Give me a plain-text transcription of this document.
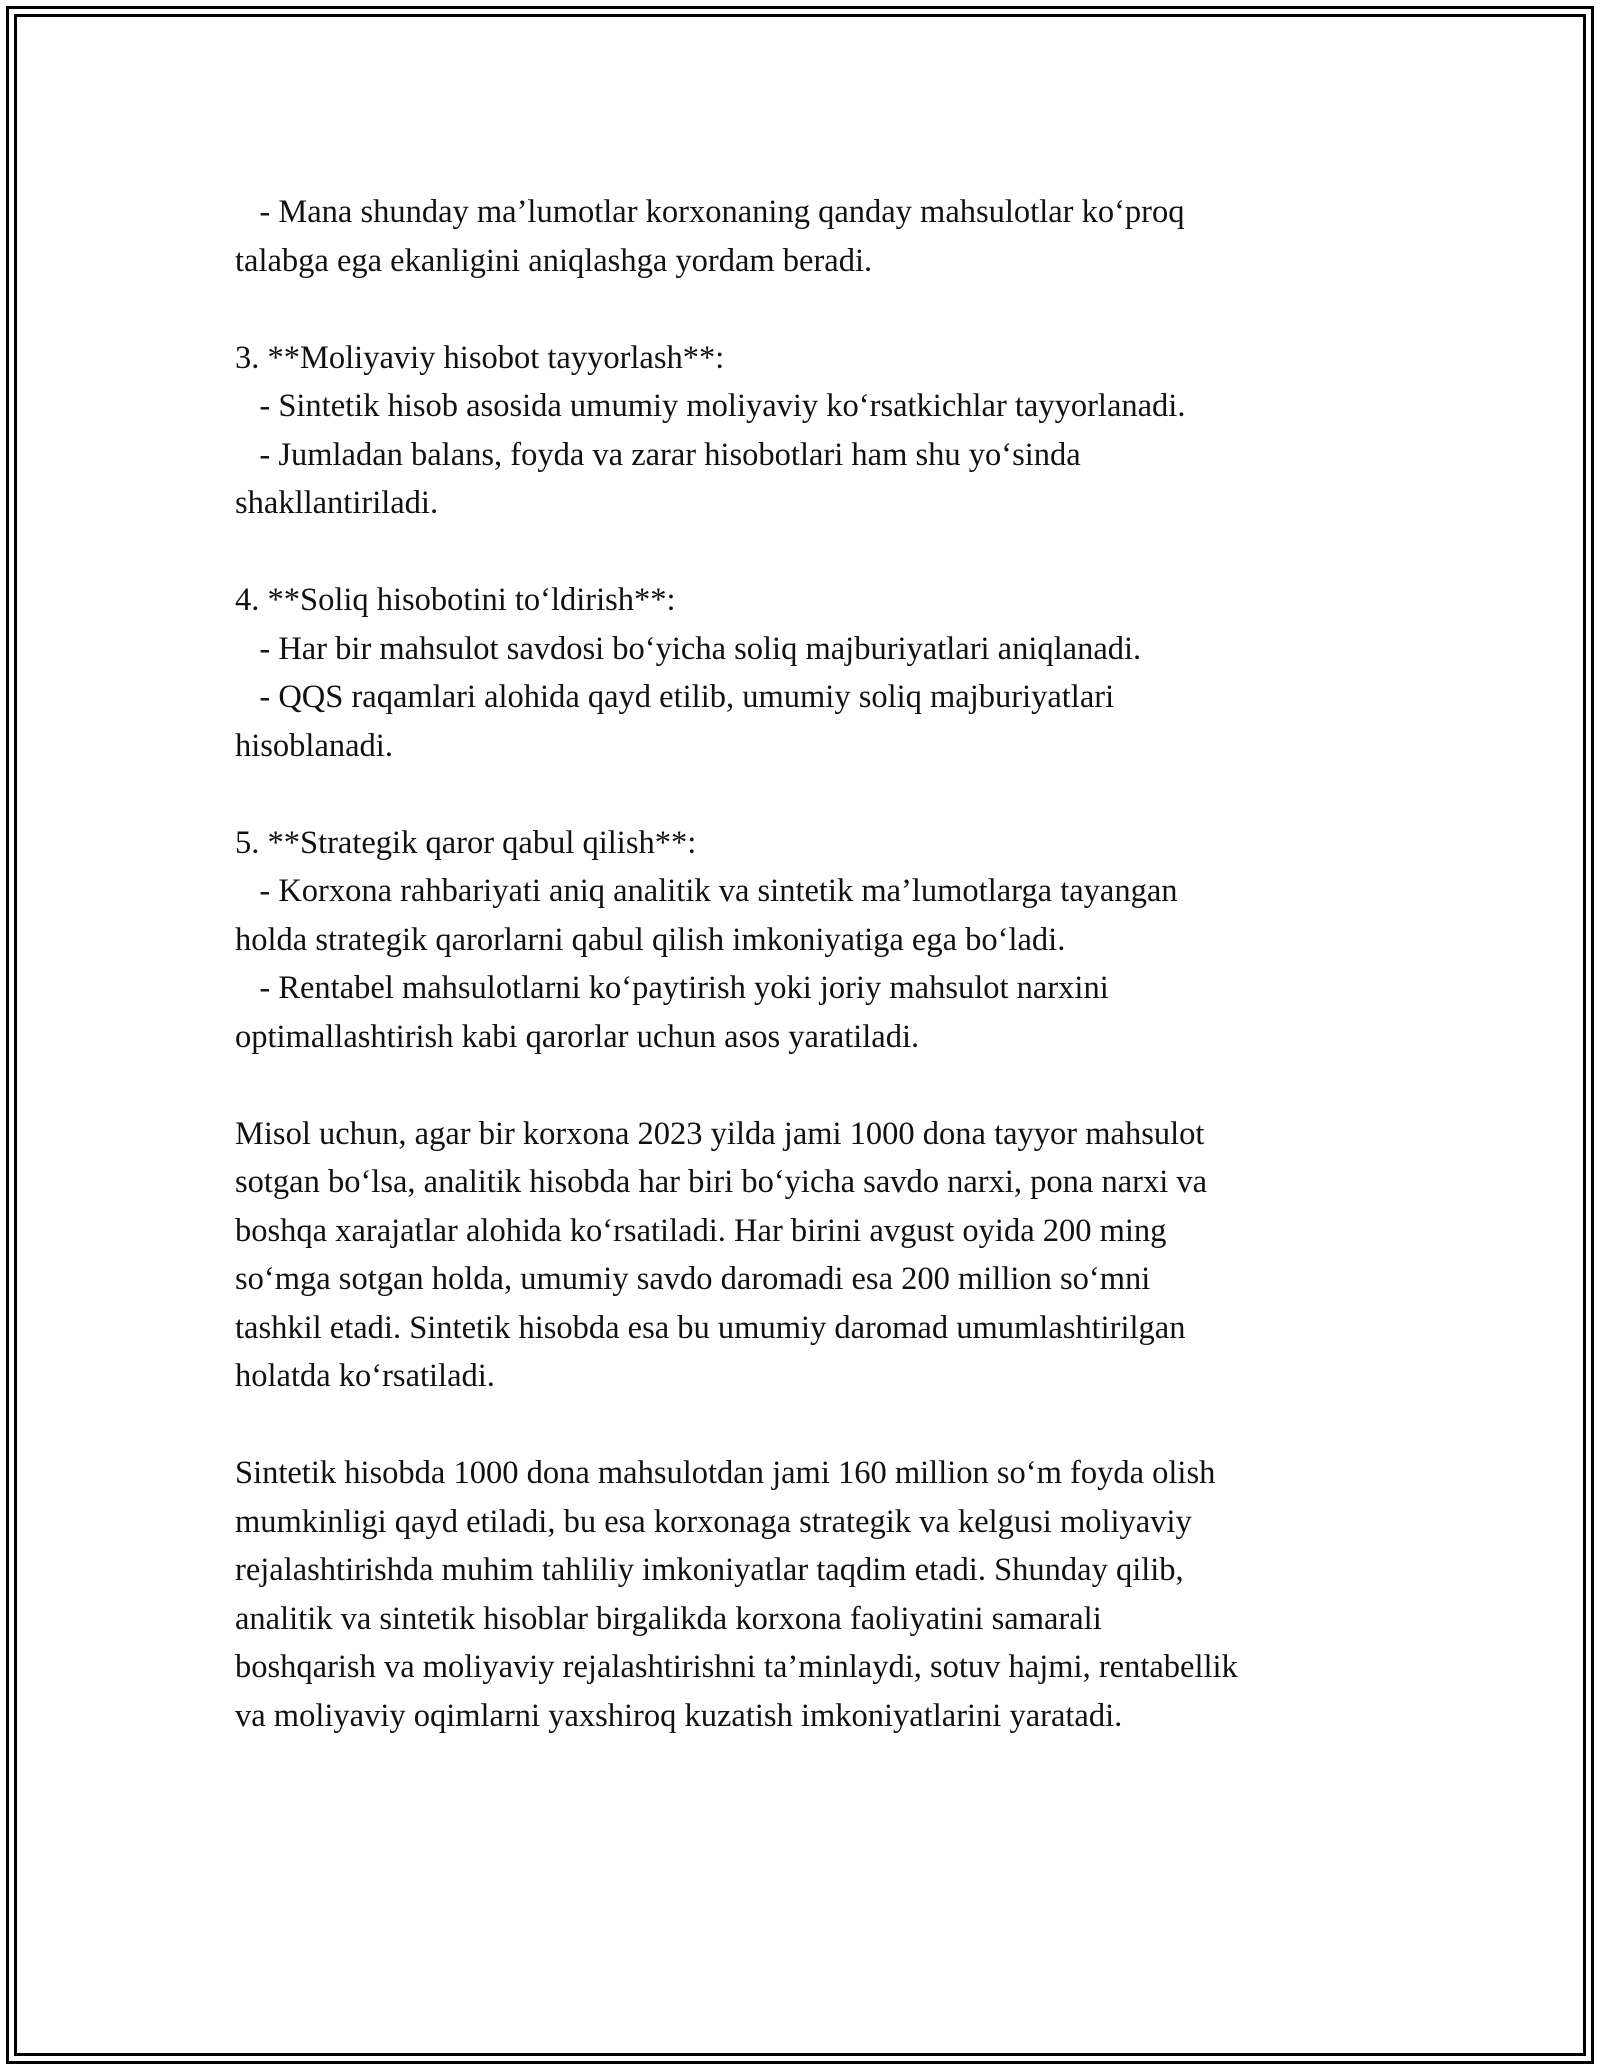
- Mana shunday ma’lumotlar korxonaning qanday mahsulotlar ko‘proq
talabga ega ekanligini aniqlashga yordam beradi.
3. **Moliyaviy hisobot tayyorlash**:
- Sintetik hisob asosida umumiy moliyaviy ko‘rsatkichlar tayyorlanadi.
- Jumladan balans, foyda va zarar hisobotlari ham shu yo‘sinda
shakllantiriladi.
4. **Soliq hisobotini to‘ldirish**:
- Har bir mahsulot savdosi bo‘yicha soliq majburiyatlari aniqlanadi.
- QQS raqamlari alohida qayd etilib, umumiy soliq majburiyatlari
hisoblanadi.
5. **Strategik qaror qabul qilish**:
- Korxona rahbariyati aniq analitik va sintetik ma’lumotlarga tayangan
holda strategik qarorlarni qabul qilish imkoniyatiga ega bo‘ladi.
- Rentabel mahsulotlarni ko‘paytirish yoki joriy mahsulot narxini
optimallashtirish kabi qarorlar uchun asos yaratiladi.
Misol uchun, agar bir korxona 2023 yilda jami 1000 dona tayyor mahsulot
sotgan bo‘lsa, analitik hisobda har biri bo‘yicha savdo narxi, pona narxi va
boshqa xarajatlar alohida ko‘rsatiladi. Har birini avgust oyida 200 ming
so‘mga sotgan holda, umumiy savdo daromadi esa 200 million so‘mni
tashkil etadi. Sintetik hisobda esa bu umumiy daromad umumlashtirilgan
holatda ko‘rsatiladi.
Sintetik hisobda 1000 dona mahsulotdan jami 160 million so‘m foyda olish
mumkinligi qayd etiladi, bu esa korxonaga strategik va kelgusi moliyaviy
rejalashtirishda muhim tahliliy imkoniyatlar taqdim etadi. Shunday qilib,
analitik va sintetik hisoblar birgalikda korxona faoliyatini samarali
boshqarish va moliyaviy rejalashtirishni ta’minlaydi, sotuv hajmi, rentabellik
va moliyaviy oqimlarni yaxshiroq kuzatish imkoniyatlarini yaratadi.
